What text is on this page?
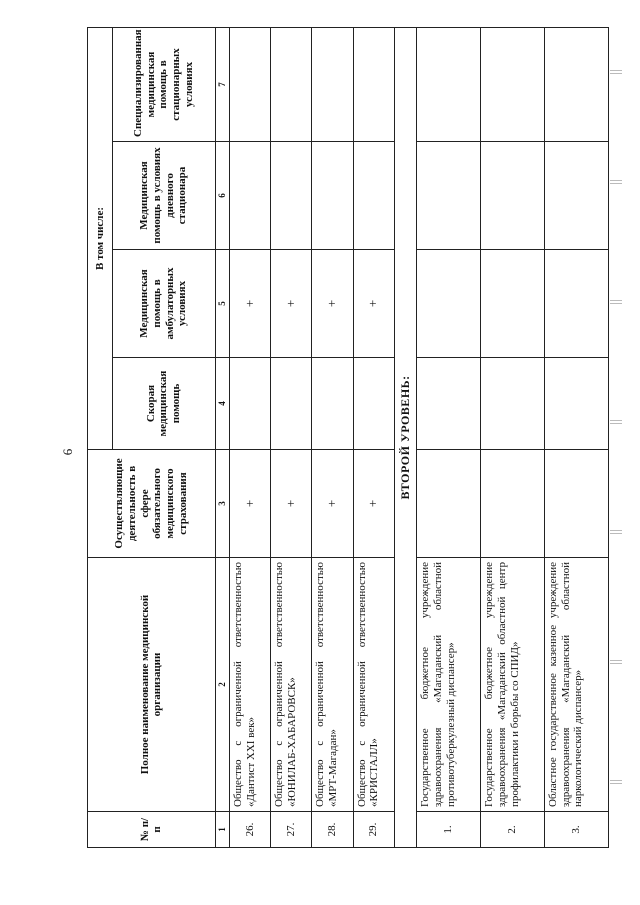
6
№ п/п	Полное наименование медицинской организации	Осуществляющие деятельность в сфере обязательного медицинского страхования	В том числе:			
			Скорая медицинская помощь	Медицинская помощь в амбулаторных условиях	Медицинская помощь в условиях дневного стационара	Специализированная медицинская помощь в стационарных условиях
1	2	3	4	5	6	7
26.	Общество с ограниченной ответственностью «Дантист XXI век»	+		+		
27.	Общество с ограниченной ответственностью «ЮНИЛАБ-ХАБАРОВСК»	+		+		
28.	Общество с ограниченной ответственностью «МРТ-Магадан»	+		+		
29.	Общество с ограниченной ответственностью «КРИСТАЛЛ»	+		+		
ВТОРОЙ УРОВЕНЬ:						
1.	Государственное бюджетное учреждение здравоохранения «Магаданский областной противотуберкулезный диспансер»					
2.	Государственное бюджетное учреждение здравоохранения «Магаданский областной центр профилактики и борьбы со СПИД»					
3.	Областное государственное казенное учреждение здравоохранения «Магаданский областной наркологический диспансер»					
